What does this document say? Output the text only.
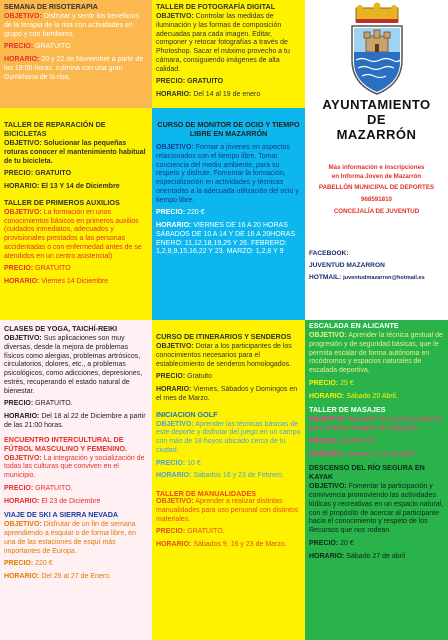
SEMANA DE RISOTERAPIA

OBJETIVO: Disfrutar y sentir los beneficios de la terapia de la risa con actividades en grupo y con familiares.

PRECIO: GRATUITO

HORARIO: 20 y 22 de Noviembre a partir de las 19:00 horas. culmina con una gran Gymkhana de la risa.

TALLER DE FOTOGRAFÍA DIGITAL

OBJETIVO: Controlar las medidas de iluminación y las formas de composición adecuadas para cada imagen. Editar, componer y retocar fotografías a través de Photoshop. Sacar el máximo provecho a tu cámara, consiguiendo imágenes de alta calidad.

PRECIO: GRATUITO

HORARIO: Del 14 al 19 de enero

AYUNTAMIENTO
DE
MAZARRÓN
TALLER DE REPARACIÓN DE BICICLETAS

OBJETIVO: Solucionar las pequeñas roturas conocer el mantenimiento habitual de tu bicicleta.

PRECIO: GRATUITO

HORARIO: El 13 Y 14 de Diciembre

TALLER DE PRIMEROS AUXILIOS

OBJETIVO: La formación en unos conocimientos básicos en primeros auxilios (cuidados inmediatos, adecuados y provisionales prestados a las personas accidentadas o con enfermedad antes de se atendidos en un centro asistencial)

PRECIO: GRATUITO

HORARIO: Viernes 14 Diciembre

CURSO DE MONITOR DE OCIO Y TIEMPO LIBRE EN MAZARRÓN

OBJETIVO: Formar a jóvenes en aspectos relacionados con el tiempo libre. Tomar conciencia del medio ambiente, para su respeto y disfrute. Fomentar la formación, especialización en actividades y técnicas orientadas a la adecuada utilización del ocio y tiempo libre.

PRECIO: 220 €

HORARIO: VIERNES DE 16 A 20 HORAS SÁBADOS DE 10 A 14 Y DE 16 A 20HORAS. ENERO: 11,12,18,19,25 Y 26. FEBRERO: 1,2,8,9,15,16,22 Y 23. MARZO: 1,2,8 Y 9

Más información e inscripciones
en Informa Joven de Mazarrón
PABELLÓN MUNICIPAL DE DEPORTES
968591810
CONCEJALÍA DE JUVENTUD

FACEBOOK:

JUVENTUD MAZARRON

HOTMAIL: juventudmazarron@hotmail.es

CLASES DE YOGA, TAICHÍ-REIKI

OBJETIVO: Sus aplicaciones son muy diversas, desde la mejora de problemas físicos como alergias, problemas artrósicos, circulatorios, dolores, etc., a problemas psicológicos, como adicciones, depresiones, estrés, recuperando el estado natural de bienestar.

PRECIO: GRATUITO.

HORARIO: Del 18 al 22 de Diciembre a partir de las 21:00 horas.

ENCUENTRO INTERCULTURAL DE FÚTBOL MASCULINO Y FEMENINO.

OBJETIVO: La integración y socialización de todas las culturas que conviven en el municipio.

PRECIO: GRATUITO.

HORARIO: El 23 de Diciembre

VIAJE DE SKI A SIERRA NEVADA

OBJETIVO: Disfrutar de un fin de semana aprendiendo a esquiar o de forma libre, en una de las estaciones de esquí más importantes de Europa.

PRECIO: 220 €

HORARIO: Del 26 al 27 de Enero.

CURSO DE ITINERARIOS Y SENDEROS

OBJETIVO: Dotar a los participantes de los conocimientos necesarios para el establecimiento de senderos homologados.

PRECIO: Gratuito

HORARIO: Viernes, Sábados y Domingos en el mes de Marzo.

INICIACION GOLF

OBJETIVO: Aprender las técnicas básicas de este deporte y disfrutar del juego en un campo con más de 18 hoyos ubicado cerca de tu ciudad.

PRECIO: 10 €

HORARIO: Sábados 16 y 23 de Febrero.

TALLER DE MANUALIDADES

OBJETIVO: Aprender a realizar distintas manualidades para uso personal con distintos materiales.

PRECIO: GRATUITO.

HORARIO: Sábados 9, 16 y 23 de Marzo.

ESCALADA EN ALICANTE

OBJETIVO: Aprender la técnica gestual de progresión y de seguridad básicas, que le permita escalar de forma autónoma en rocódromos y espacios naturales de escalada deportiva.

PRECIO: 25 €

HORARIO: Sábado 20 Abril.

TALLER DE MASAJES

OBJETIVO: Aprender las técnicas básicas para realizar masajes de relajación.

PRECIO: GRATUITO

HORARIO: Jueves 4 y 11 de Abril

DESCENSO DEL RÍO SEGURA EN KAYAK

OBJETIVO: Fomentar la participación y convivencia promoviendo las actividades lúdicas y recreativas en un espacio natural, con el propósito de acercar al participante hacia el conocimiento y respeto de los Recursos que nos rodean.

PRECIO: 20 €

HORARIO: Sábado 27 de abril
